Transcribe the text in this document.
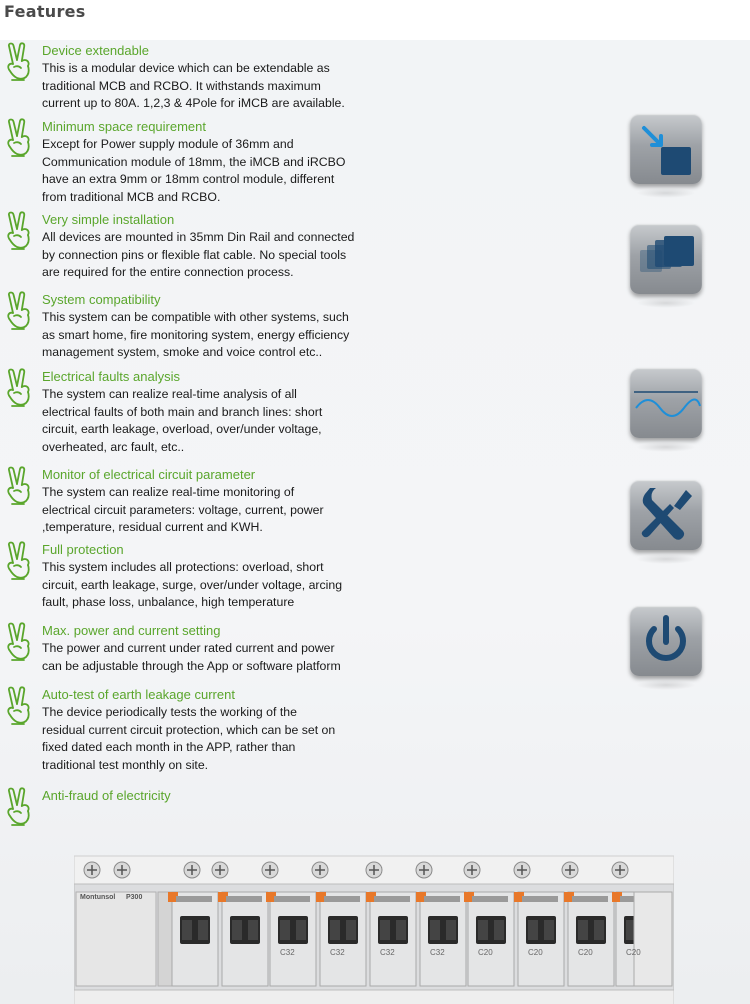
Features
Device extendable
This is a modular device which can be extendable as
traditional MCB and RCBO. It withstands maximum
current up to 80A. 1,2,3 & 4Pole for iMCB are available.
Minimum space requirement
Except for Power supply module of 36mm and
Communication module of 18mm, the iMCB and iRCBO
have an extra 9mm or 18mm control module, different
from traditional MCB and RCBO.
Very simple installation
All devices are mounted in 35mm Din Rail and connected
by connection pins or flexible flat cable. No special tools
are required for the entire connection process.
System compatibility
This system can be compatible with other systems, such
as smart home, fire monitoring system, energy efficiency
management system, smoke and voice control etc..
Electrical faults analysis
The system can realize real-time analysis of all
electrical faults of both main and branch lines: short
circuit, earth leakage, overload, over/under voltage,
overheated, arc fault, etc..
Monitor of electrical circuit parameter
The system can realize real-time monitoring of
electrical circuit parameters: voltage, current, power
,temperature, residual current and KWH.
Full protection
This system includes all protections: overload, short
circuit, earth leakage, surge, over/under voltage, arcing
fault, phase loss, unbalance, high temperature
Max. power and current setting
The power and current under rated current and power
can be adjustable through the App or software platform
Auto-test of earth leakage current
The device periodically tests the working of the
residual current circuit protection, which can be set on
fixed dated each month in the APP, rather than
traditional test monthly on site.
Anti-fraud of electricity
Montunsol P300
C32	C32	C32	C32	C20	C20	C20	C20
